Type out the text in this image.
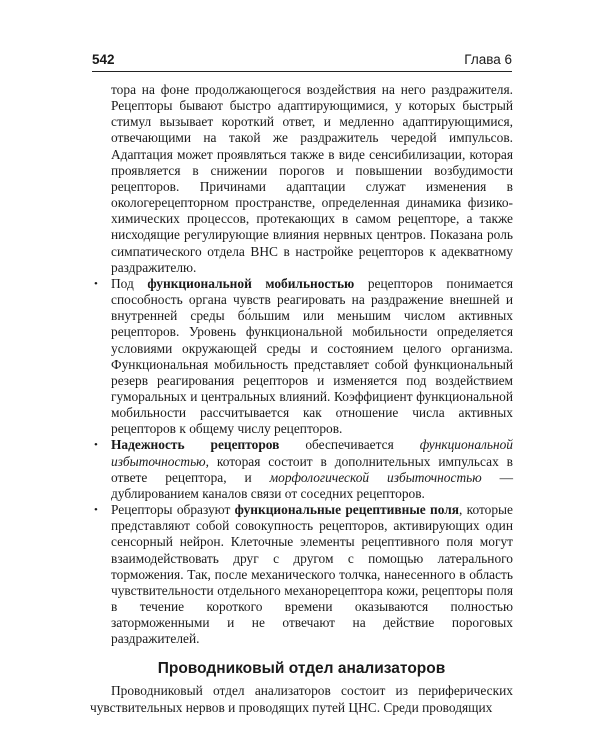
542	Глава 6

тора на фоне продолжающегося воздействия на него раздражителя. Рецепторы бывают быстро адаптирующимися, у которых быстрый стимул вызывает короткий ответ, и медленно адаптирующимися, отвечающими на такой же раздражитель чередой импульсов. Адаптация может проявляться также в виде сенсибилизации, которая проявляется в снижении порогов и повышении возбудимости рецепторов. Причинами адаптации служат изменения в окологерецепторном пространстве, определенная динамика физико-химических процессов, протекающих в самом рецепторе, а также нисходящие регулирующие влияния нервных центров. Показана роль симпатического отдела ВНС в настройке рецепторов к адекватному раздражителю.

• Под функциональной мобильностью рецепторов понимается способность органа чувств реагировать на раздражение внешней и внутренней среды бо́льшим или меньшим числом активных рецепторов. Уровень функциональной мобильности определяется условиями окружающей среды и состоянием целого организма. Функциональная мобильность представляет собой функциональный резерв реагирования рецепторов и изменяется под воздействием гуморальных и центральных влияний. Коэффициент функциональной мобильности рассчитывается как отношение числа активных рецепторов к общему числу рецепторов.

• Надежность рецепторов обеспечивается функциональной избыточностью, которая состоит в дополнительных импульсах в ответе рецептора, и морфологической избыточностью — дублированием каналов связи от соседних рецепторов.

• Рецепторы образуют функциональные рецептивные поля, которые представляют собой совокупность рецепторов, активирующих один сенсорный нейрон. Клеточные элементы рецептивного поля могут взаимодействовать друг с другом с помощью латерального торможения. Так, после механического толчка, нанесенного в область чувствительности отдельного механорецептора кожи, рецепторы поля в течение короткого времени оказываются полностью заторможенными и не отвечают на действие пороговых раздражителей.

Проводниковый отдел анализаторов

Проводниковый отдел анализаторов состоит из периферических чувствительных нервов и проводящих путей ЦНС. Среди проводящих
